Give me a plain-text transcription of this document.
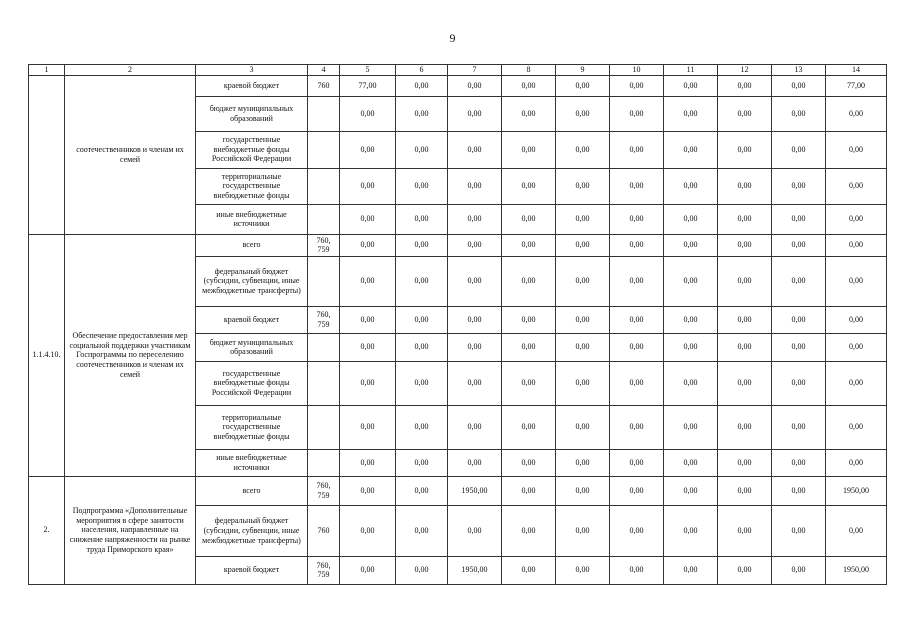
9
1	2	3	4	5	6	7	8	9	10	11	12	13	14
	соотечественников и членам их семей	краевой бюджет	760	77,00	0,00	0,00	0,00	0,00	0,00	0,00	0,00	0,00	77,00
		бюджет муниципальных образований		0,00	0,00	0,00	0,00	0,00	0,00	0,00	0,00	0,00	0,00
		государственные внебюджетные фонды Российской Федерации		0,00	0,00	0,00	0,00	0,00	0,00	0,00	0,00	0,00	0,00
		территориальные государственные внебюджетные фонды		0,00	0,00	0,00	0,00	0,00	0,00	0,00	0,00	0,00	0,00
		иные внебюджетные источники		0,00	0,00	0,00	0,00	0,00	0,00	0,00	0,00	0,00	0,00
1.1.4.10.	Обеспечение предоставления мер социальной поддержки участникам Госпрограммы по переселению соотечественников и членам их семей	всего	760, 759	0,00	0,00	0,00	0,00	0,00	0,00	0,00	0,00	0,00	0,00
		федеральный бюджет (субсидии, субвенции, иные межбюджетные трансферты)		0,00	0,00	0,00	0,00	0,00	0,00	0,00	0,00	0,00	0,00
		краевой бюджет	760, 759	0,00	0,00	0,00	0,00	0,00	0,00	0,00	0,00	0,00	0,00
		бюджет муниципальных образований		0,00	0,00	0,00	0,00	0,00	0,00	0,00	0,00	0,00	0,00
		государственные внебюджетные фонды Российской Федерации		0,00	0,00	0,00	0,00	0,00	0,00	0,00	0,00	0,00	0,00
		территориальные государственные внебюджетные фонды		0,00	0,00	0,00	0,00	0,00	0,00	0,00	0,00	0,00	0,00
		иные внебюджетные источники		0,00	0,00	0,00	0,00	0,00	0,00	0,00	0,00	0,00	0,00
2.	Подпрограмма «Дополнительные мероприятия в сфере занятости населения, направленные на снижение напряженности на рынке труда Приморского края»	всего	760, 759	0,00	0,00	1950,00	0,00	0,00	0,00	0,00	0,00	0,00	1950,00
		федеральный бюджет (субсидии, субвенции, иные межбюджетные трансферты)	760	0,00	0,00	0,00	0,00	0,00	0,00	0,00	0,00	0,00	0,00
		краевой бюджет	760, 759	0,00	0,00	1950,00	0,00	0,00	0,00	0,00	0,00	0,00	1950,00
